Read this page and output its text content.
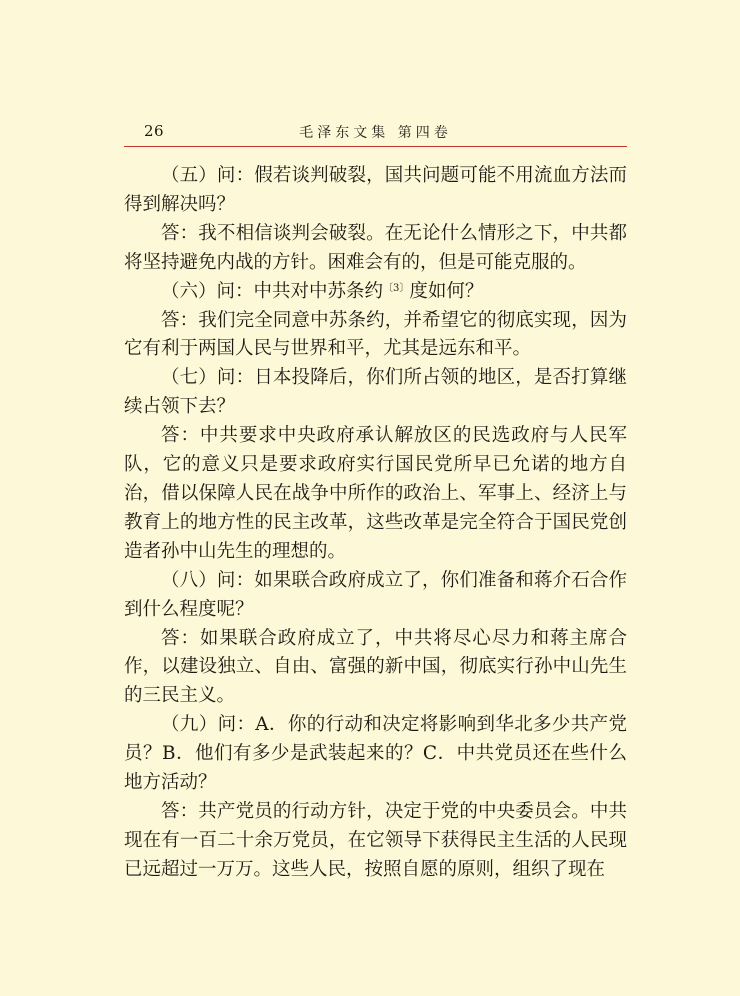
26	毛泽东文集 第四卷

（五）问：假若谈判破裂，国共问题可能不用流血方法而得到解决吗？

答：我不相信谈判会破裂。在无论什么情形之下，中共都将坚持避免内战的方针。困难会有的，但是可能克服的。

（六）问：中共对中苏条约$^{〔3〕}$度如何？

答：我们完全同意中苏条约，并希望它的彻底实现，因为它有利于两国人民与世界和平，尤其是远东和平。

（七）问：日本投降后，你们所占领的地区，是否打算继续占领下去？

答：中共要求中央政府承认解放区的民选政府与人民军队，它的意义只是要求政府实行国民党所早已允诺的地方自治，借以保障人民在战争中所作的政治上、军事上、经济上与教育上的地方性的民主改革，这些改革是完全符合于国民党创造者孙中山先生的理想的。

（八）问：如果联合政府成立了，你们准备和蒋介石合作到什么程度呢？

答：如果联合政府成立了，中共将尽心尽力和蒋主席合作，以建设独立、自由、富强的新中国，彻底实行孙中山先生的三民主义。

（九）问：A．你的行动和决定将影响到华北多少共产党员？B．他们有多少是武装起来的？C．中共党员还在些什么地方活动？

答：共产党员的行动方针，决定于党的中央委员会。中共现在有一百二十余万党员，在它领导下获得民主生活的人民现已远超过一万万。这些人民，按照自愿的原则，组织了现在
